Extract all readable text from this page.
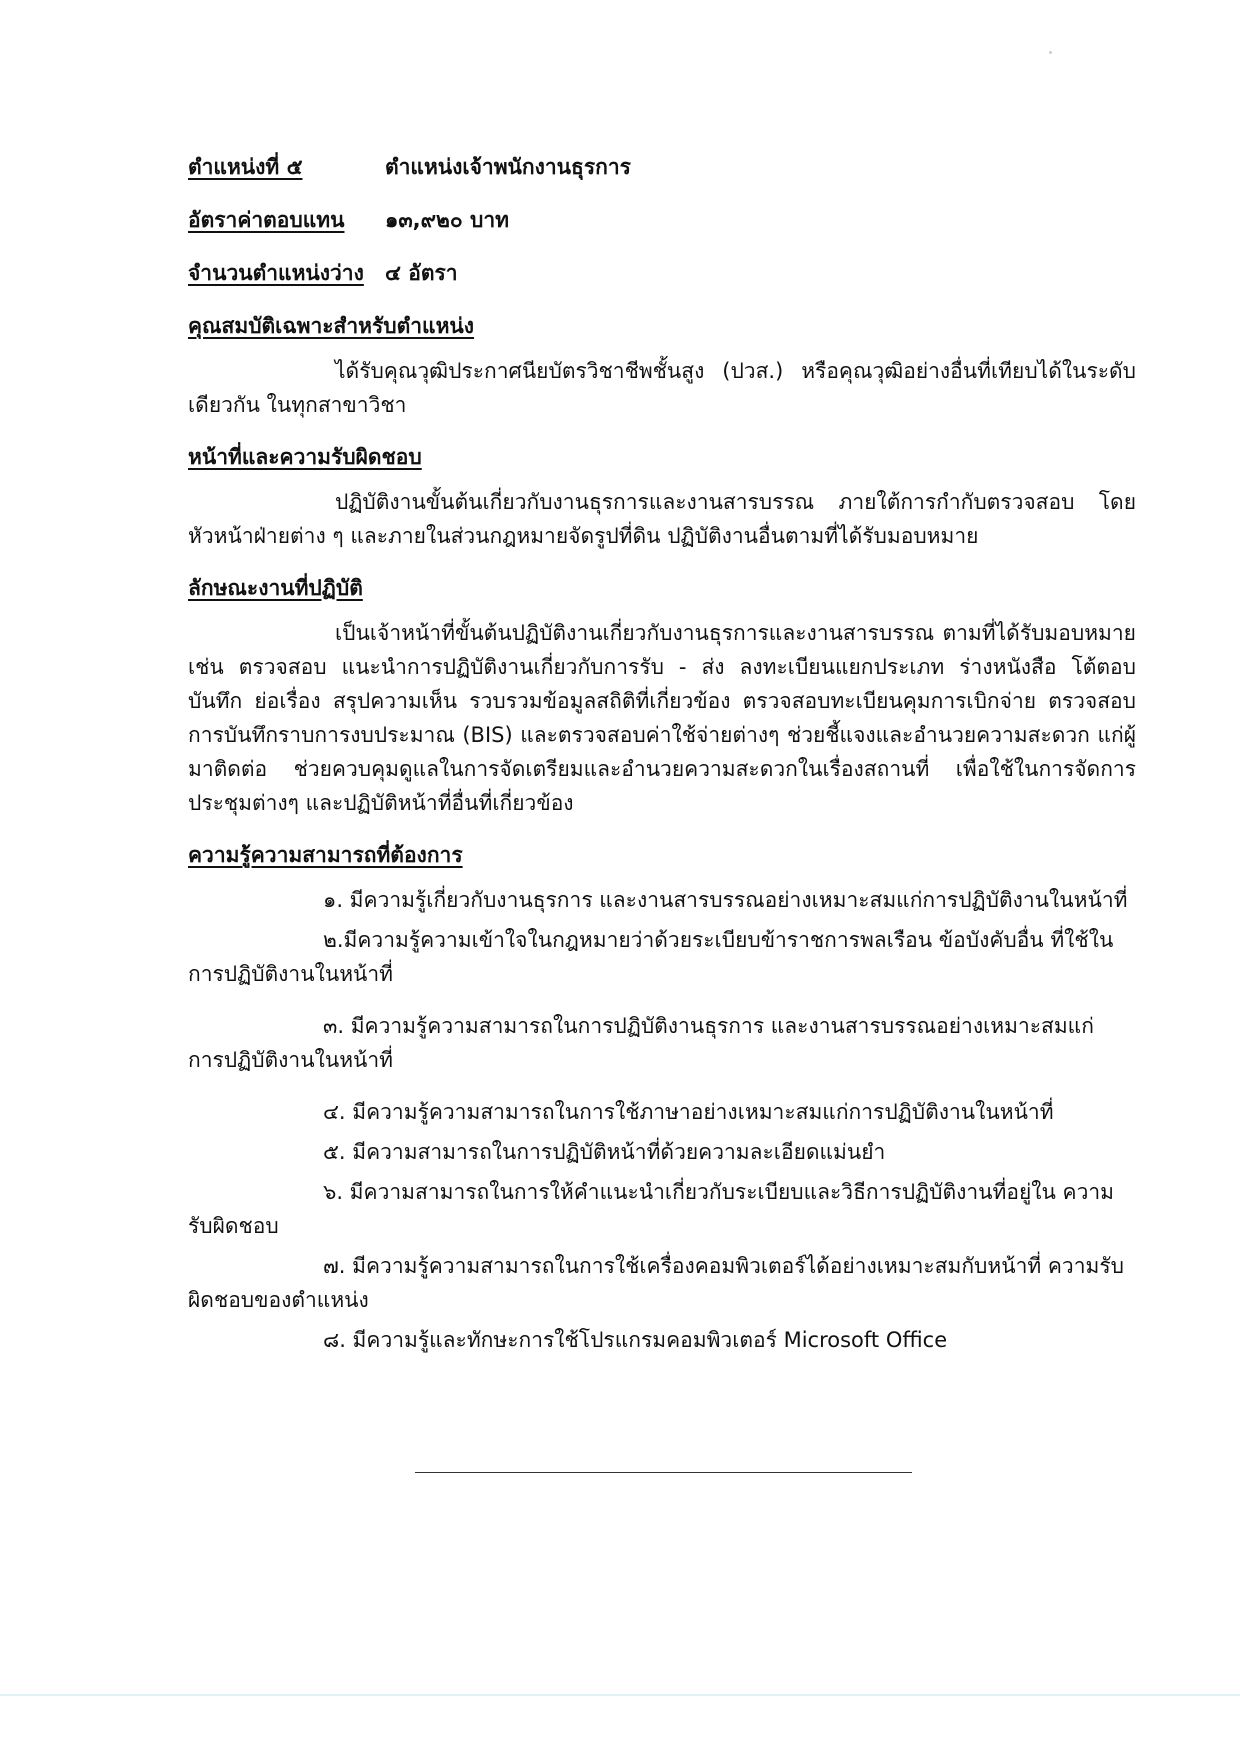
ตำแหน่งที่ ๕	ตำแหน่งเจ้าพนักงานธุรการ
อัตราค่าตอบแทน	๑๓,๙๒๐ บาท
จำนวนตำแหน่งว่าง	๔ อัตรา
คุณสมบัติเฉพาะสำหรับตำแหน่ง

ได้รับคุณวุฒิประกาศนียบัตรวิชาชีพชั้นสูง (ปวส.) หรือคุณวุฒิอย่างอื่นที่เทียบได้ในระดับเดียวกัน ในทุกสาขาวิชา

หน้าที่และความรับผิดชอบ

ปฏิบัติงานขั้นต้นเกี่ยวกับงานธุรการและงานสารบรรณ ภายใต้การกำกับตรวจสอบ โดยหัวหน้าฝ่ายต่าง ๆ และภายในส่วนกฎหมายจัดรูปที่ดิน ปฏิบัติงานอื่นตามที่ได้รับมอบหมาย

ลักษณะงานที่ปฏิบัติ

เป็นเจ้าหน้าที่ขั้นต้นปฏิบัติงานเกี่ยวกับงานธุรการและงานสารบรรณ ตามที่ได้รับมอบหมาย เช่น ตรวจสอบ แนะนำการปฏิบัติงานเกี่ยวกับการรับ - ส่ง ลงทะเบียนแยกประเภท ร่างหนังสือ โต้ตอบ บันทึก ย่อเรื่อง สรุปความเห็น รวบรวมข้อมูลสถิติที่เกี่ยวข้อง ตรวจสอบทะเบียนคุมการเบิกจ่าย ตรวจสอบการบันทึกราบการงบประมาณ (BIS) และตรวจสอบค่าใช้จ่ายต่างๆ ช่วยชี้แจงและอำนวยความสะดวก แก่ผู้มาติดต่อ ช่วยควบคุมดูแลในการจัดเตรียมและอำนวยความสะดวกในเรื่องสถานที่ เพื่อใช้ในการจัดการ ประชุมต่างๆ และปฏิบัติหน้าที่อื่นที่เกี่ยวข้อง

ความรู้ความสามารถที่ต้องการ

๑. มีความรู้เกี่ยวกับงานธุรการ และงานสารบรรณอย่างเหมาะสมแก่การปฏิบัติงานในหน้าที่

๒.มีความรู้ความเข้าใจในกฎหมายว่าด้วยระเบียบข้าราชการพลเรือน ข้อบังคับอื่น ที่ใช้ในการปฏิบัติงานในหน้าที่

๓. มีความรู้ความสามารถในการปฏิบัติงานธุรการ และงานสารบรรณอย่างเหมาะสมแก่ การปฏิบัติงานในหน้าที่

๔. มีความรู้ความสามารถในการใช้ภาษาอย่างเหมาะสมแก่การปฏิบัติงานในหน้าที่

๕. มีความสามารถในการปฏิบัติหน้าที่ด้วยความละเอียดแม่นยำ

๖. มีความสามารถในการให้คำแนะนำเกี่ยวกับระเบียบและวิธีการปฏิบัติงานที่อยู่ใน ความรับผิดชอบ

๗. มีความรู้ความสามารถในการใช้เครื่องคอมพิวเตอร์ได้อย่างเหมาะสมกับหน้าที่ ความรับผิดชอบของตำแหน่ง

๘. มีความรู้และทักษะการใช้โปรแกรมคอมพิวเตอร์ Microsoft Office
